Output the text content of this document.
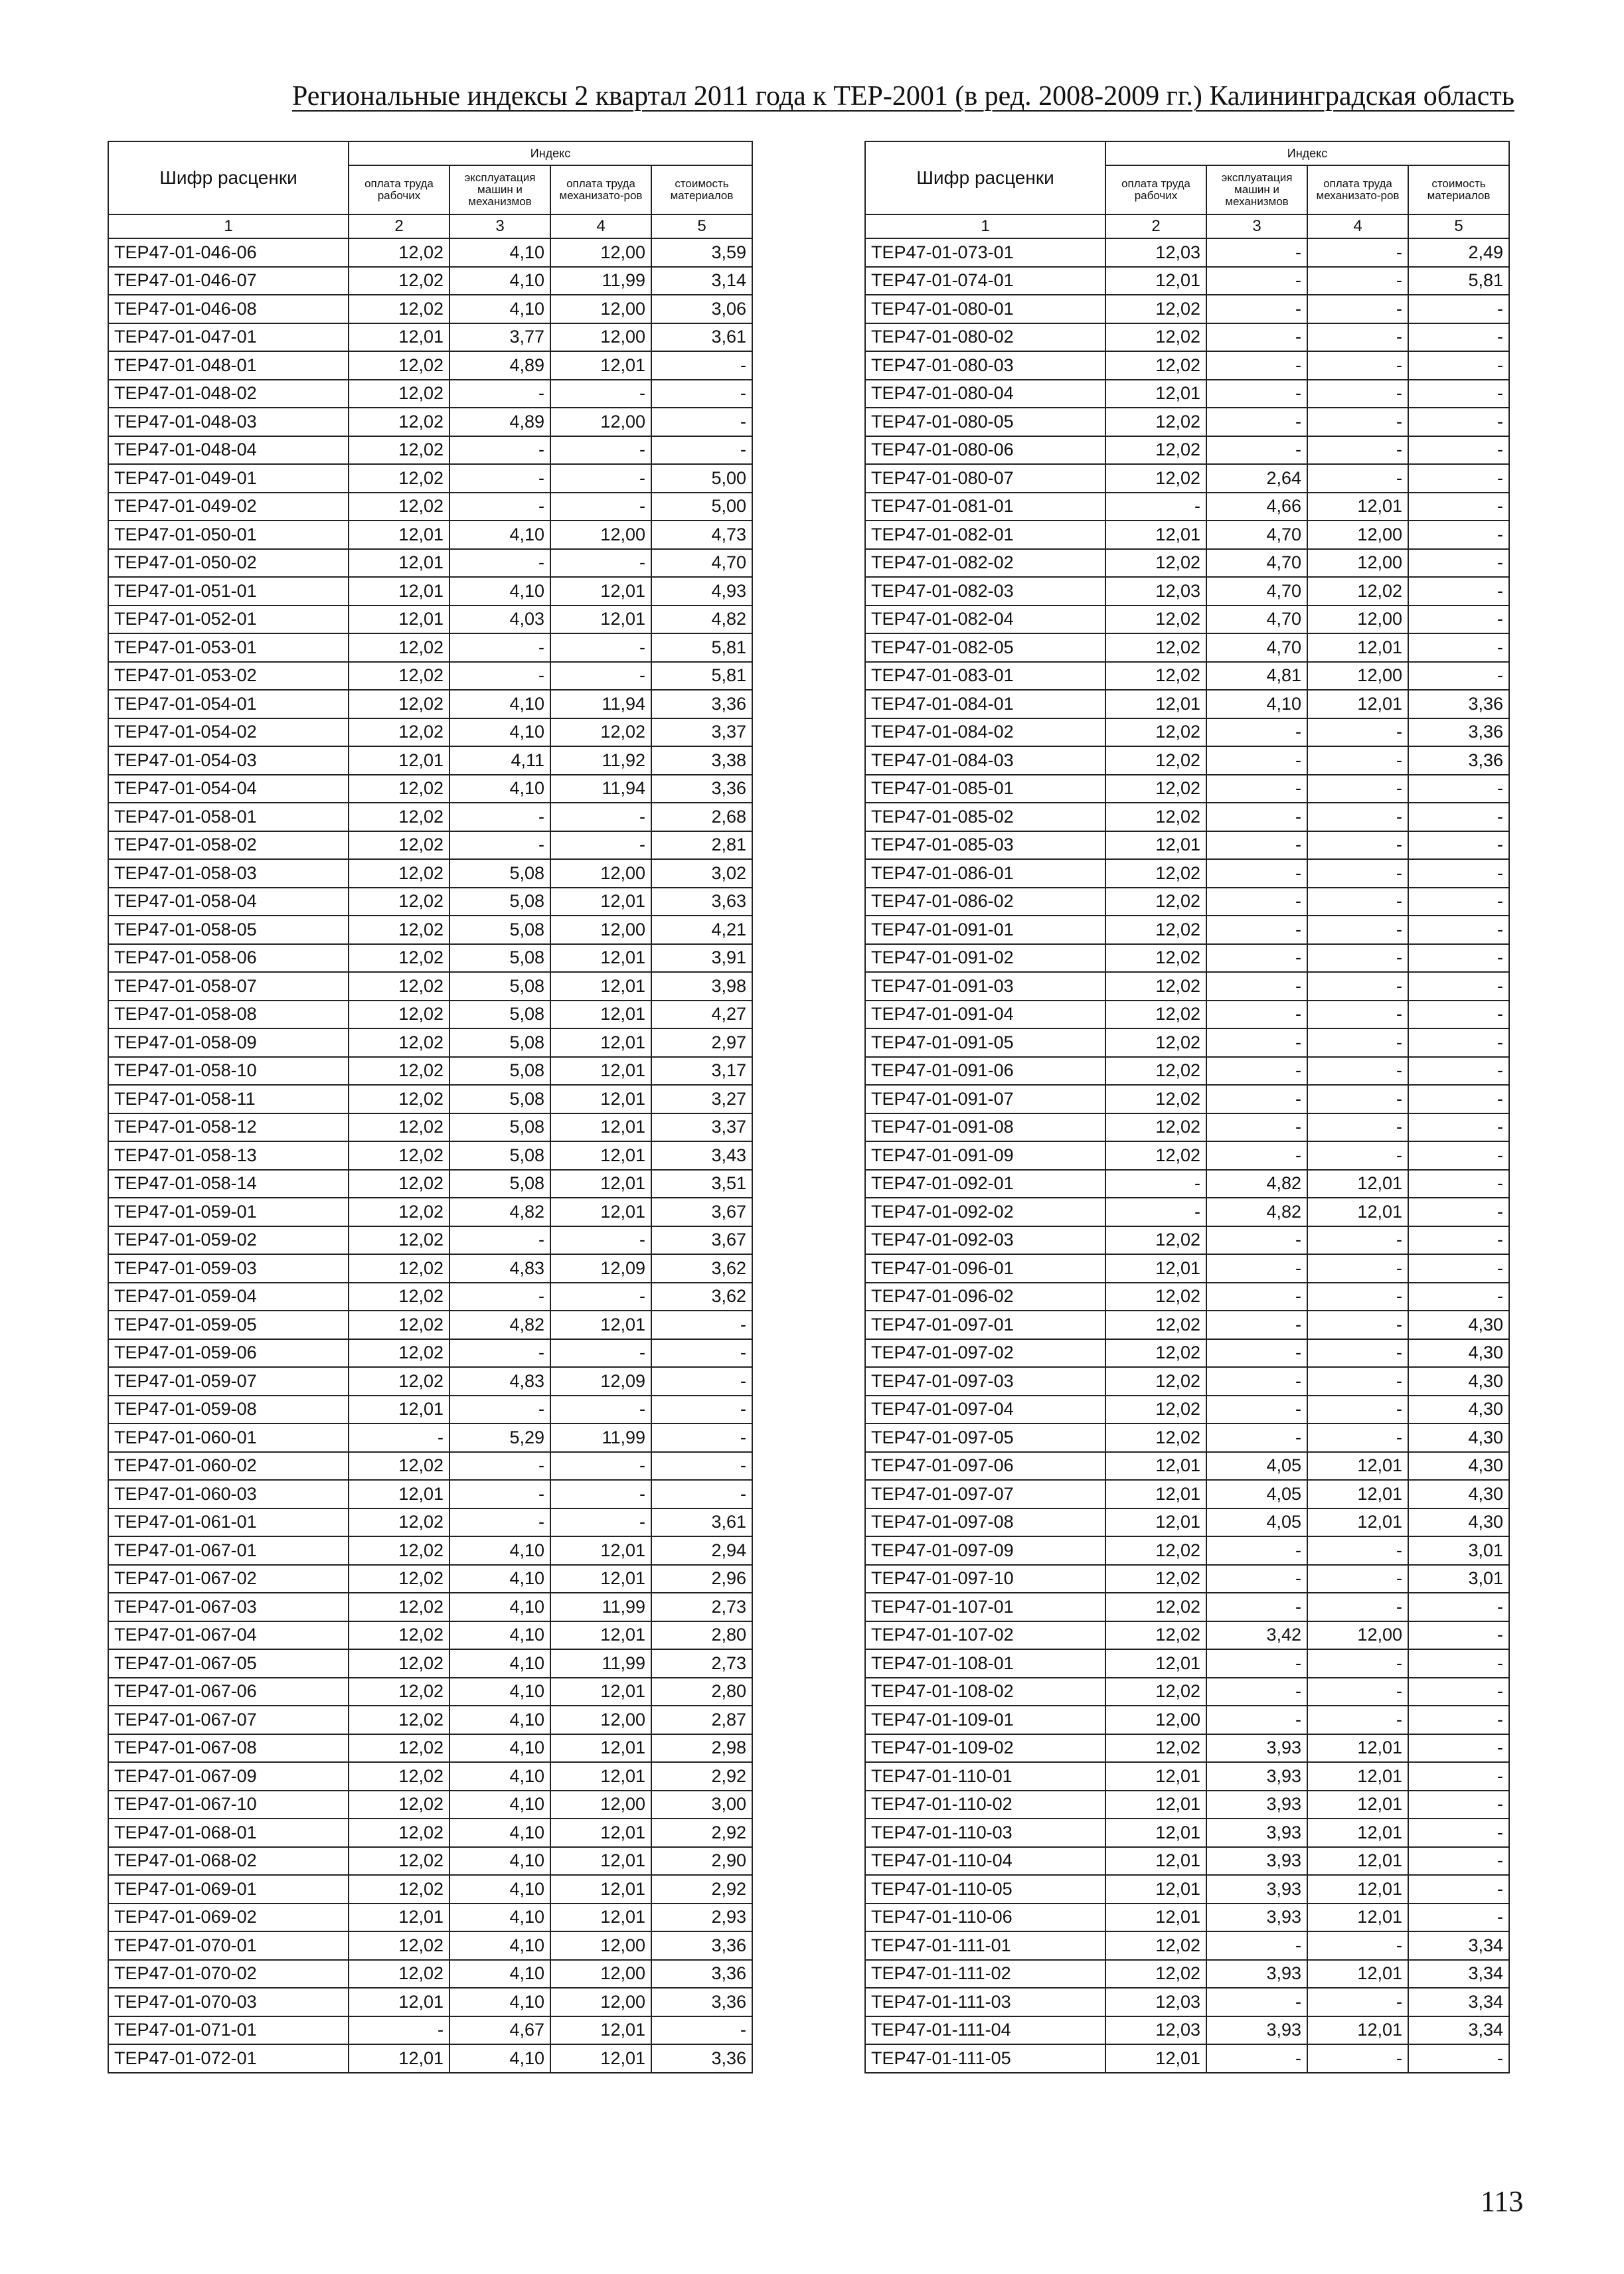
Региональные индексы 2 квартал 2011 года к ТЕР-2001 (в ред. 2008-2009 гг.) Калининградская область
Шифр расценки	Индекс			
	оплата труда рабочих	эксплуатация машин и механизмов	оплата труда механизато-ров	стоимость материалов
1	2	3	4	5
ТЕР47-01-046-06	12,02	4,10	12,00	3,59
ТЕР47-01-046-07	12,02	4,10	11,99	3,14
ТЕР47-01-046-08	12,02	4,10	12,00	3,06
ТЕР47-01-047-01	12,01	3,77	12,00	3,61
ТЕР47-01-048-01	12,02	4,89	12,01	-
ТЕР47-01-048-02	12,02	-	-	-
ТЕР47-01-048-03	12,02	4,89	12,00	-
ТЕР47-01-048-04	12,02	-	-	-
ТЕР47-01-049-01	12,02	-	-	5,00
ТЕР47-01-049-02	12,02	-	-	5,00
ТЕР47-01-050-01	12,01	4,10	12,00	4,73
ТЕР47-01-050-02	12,01	-	-	4,70
ТЕР47-01-051-01	12,01	4,10	12,01	4,93
ТЕР47-01-052-01	12,01	4,03	12,01	4,82
ТЕР47-01-053-01	12,02	-	-	5,81
ТЕР47-01-053-02	12,02	-	-	5,81
ТЕР47-01-054-01	12,02	4,10	11,94	3,36
ТЕР47-01-054-02	12,02	4,10	12,02	3,37
ТЕР47-01-054-03	12,01	4,11	11,92	3,38
ТЕР47-01-054-04	12,02	4,10	11,94	3,36
ТЕР47-01-058-01	12,02	-	-	2,68
ТЕР47-01-058-02	12,02	-	-	2,81
ТЕР47-01-058-03	12,02	5,08	12,00	3,02
ТЕР47-01-058-04	12,02	5,08	12,01	3,63
ТЕР47-01-058-05	12,02	5,08	12,00	4,21
ТЕР47-01-058-06	12,02	5,08	12,01	3,91
ТЕР47-01-058-07	12,02	5,08	12,01	3,98
ТЕР47-01-058-08	12,02	5,08	12,01	4,27
ТЕР47-01-058-09	12,02	5,08	12,01	2,97
ТЕР47-01-058-10	12,02	5,08	12,01	3,17
ТЕР47-01-058-11	12,02	5,08	12,01	3,27
ТЕР47-01-058-12	12,02	5,08	12,01	3,37
ТЕР47-01-058-13	12,02	5,08	12,01	3,43
ТЕР47-01-058-14	12,02	5,08	12,01	3,51
ТЕР47-01-059-01	12,02	4,82	12,01	3,67
ТЕР47-01-059-02	12,02	-	-	3,67
ТЕР47-01-059-03	12,02	4,83	12,09	3,62
ТЕР47-01-059-04	12,02	-	-	3,62
ТЕР47-01-059-05	12,02	4,82	12,01	-
ТЕР47-01-059-06	12,02	-	-	-
ТЕР47-01-059-07	12,02	4,83	12,09	-
ТЕР47-01-059-08	12,01	-	-	-
ТЕР47-01-060-01	-	5,29	11,99	-
ТЕР47-01-060-02	12,02	-	-	-
ТЕР47-01-060-03	12,01	-	-	-
ТЕР47-01-061-01	12,02	-	-	3,61
ТЕР47-01-067-01	12,02	4,10	12,01	2,94
ТЕР47-01-067-02	12,02	4,10	12,01	2,96
ТЕР47-01-067-03	12,02	4,10	11,99	2,73
ТЕР47-01-067-04	12,02	4,10	12,01	2,80
ТЕР47-01-067-05	12,02	4,10	11,99	2,73
ТЕР47-01-067-06	12,02	4,10	12,01	2,80
ТЕР47-01-067-07	12,02	4,10	12,00	2,87
ТЕР47-01-067-08	12,02	4,10	12,01	2,98
ТЕР47-01-067-09	12,02	4,10	12,01	2,92
ТЕР47-01-067-10	12,02	4,10	12,00	3,00
ТЕР47-01-068-01	12,02	4,10	12,01	2,92
ТЕР47-01-068-02	12,02	4,10	12,01	2,90
ТЕР47-01-069-01	12,02	4,10	12,01	2,92
ТЕР47-01-069-02	12,01	4,10	12,01	2,93
ТЕР47-01-070-01	12,02	4,10	12,00	3,36
ТЕР47-01-070-02	12,02	4,10	12,00	3,36
ТЕР47-01-070-03	12,01	4,10	12,00	3,36
ТЕР47-01-071-01	-	4,67	12,01	-
ТЕР47-01-072-01	12,01	4,10	12,01	3,36
Шифр расценки	Индекс			
	оплата труда рабочих	эксплуатация машин и механизмов	оплата труда механизато-ров	стоимость материалов
1	2	3	4	5
ТЕР47-01-073-01	12,03	-	-	2,49
ТЕР47-01-074-01	12,01	-	-	5,81
ТЕР47-01-080-01	12,02	-	-	-
ТЕР47-01-080-02	12,02	-	-	-
ТЕР47-01-080-03	12,02	-	-	-
ТЕР47-01-080-04	12,01	-	-	-
ТЕР47-01-080-05	12,02	-	-	-
ТЕР47-01-080-06	12,02	-	-	-
ТЕР47-01-080-07	12,02	2,64	-	-
ТЕР47-01-081-01	-	4,66	12,01	-
ТЕР47-01-082-01	12,01	4,70	12,00	-
ТЕР47-01-082-02	12,02	4,70	12,00	-
ТЕР47-01-082-03	12,03	4,70	12,02	-
ТЕР47-01-082-04	12,02	4,70	12,00	-
ТЕР47-01-082-05	12,02	4,70	12,01	-
ТЕР47-01-083-01	12,02	4,81	12,00	-
ТЕР47-01-084-01	12,01	4,10	12,01	3,36
ТЕР47-01-084-02	12,02	-	-	3,36
ТЕР47-01-084-03	12,02	-	-	3,36
ТЕР47-01-085-01	12,02	-	-	-
ТЕР47-01-085-02	12,02	-	-	-
ТЕР47-01-085-03	12,01	-	-	-
ТЕР47-01-086-01	12,02	-	-	-
ТЕР47-01-086-02	12,02	-	-	-
ТЕР47-01-091-01	12,02	-	-	-
ТЕР47-01-091-02	12,02	-	-	-
ТЕР47-01-091-03	12,02	-	-	-
ТЕР47-01-091-04	12,02	-	-	-
ТЕР47-01-091-05	12,02	-	-	-
ТЕР47-01-091-06	12,02	-	-	-
ТЕР47-01-091-07	12,02	-	-	-
ТЕР47-01-091-08	12,02	-	-	-
ТЕР47-01-091-09	12,02	-	-	-
ТЕР47-01-092-01	-	4,82	12,01	-
ТЕР47-01-092-02	-	4,82	12,01	-
ТЕР47-01-092-03	12,02	-	-	-
ТЕР47-01-096-01	12,01	-	-	-
ТЕР47-01-096-02	12,02	-	-	-
ТЕР47-01-097-01	12,02	-	-	4,30
ТЕР47-01-097-02	12,02	-	-	4,30
ТЕР47-01-097-03	12,02	-	-	4,30
ТЕР47-01-097-04	12,02	-	-	4,30
ТЕР47-01-097-05	12,02	-	-	4,30
ТЕР47-01-097-06	12,01	4,05	12,01	4,30
ТЕР47-01-097-07	12,01	4,05	12,01	4,30
ТЕР47-01-097-08	12,01	4,05	12,01	4,30
ТЕР47-01-097-09	12,02	-	-	3,01
ТЕР47-01-097-10	12,02	-	-	3,01
ТЕР47-01-107-01	12,02	-	-	-
ТЕР47-01-107-02	12,02	3,42	12,00	-
ТЕР47-01-108-01	12,01	-	-	-
ТЕР47-01-108-02	12,02	-	-	-
ТЕР47-01-109-01	12,00	-	-	-
ТЕР47-01-109-02	12,02	3,93	12,01	-
ТЕР47-01-110-01	12,01	3,93	12,01	-
ТЕР47-01-110-02	12,01	3,93	12,01	-
ТЕР47-01-110-03	12,01	3,93	12,01	-
ТЕР47-01-110-04	12,01	3,93	12,01	-
ТЕР47-01-110-05	12,01	3,93	12,01	-
ТЕР47-01-110-06	12,01	3,93	12,01	-
ТЕР47-01-111-01	12,02	-	-	3,34
ТЕР47-01-111-02	12,02	3,93	12,01	3,34
ТЕР47-01-111-03	12,03	-	-	3,34
ТЕР47-01-111-04	12,03	3,93	12,01	3,34
ТЕР47-01-111-05	12,01	-	-	-
113
